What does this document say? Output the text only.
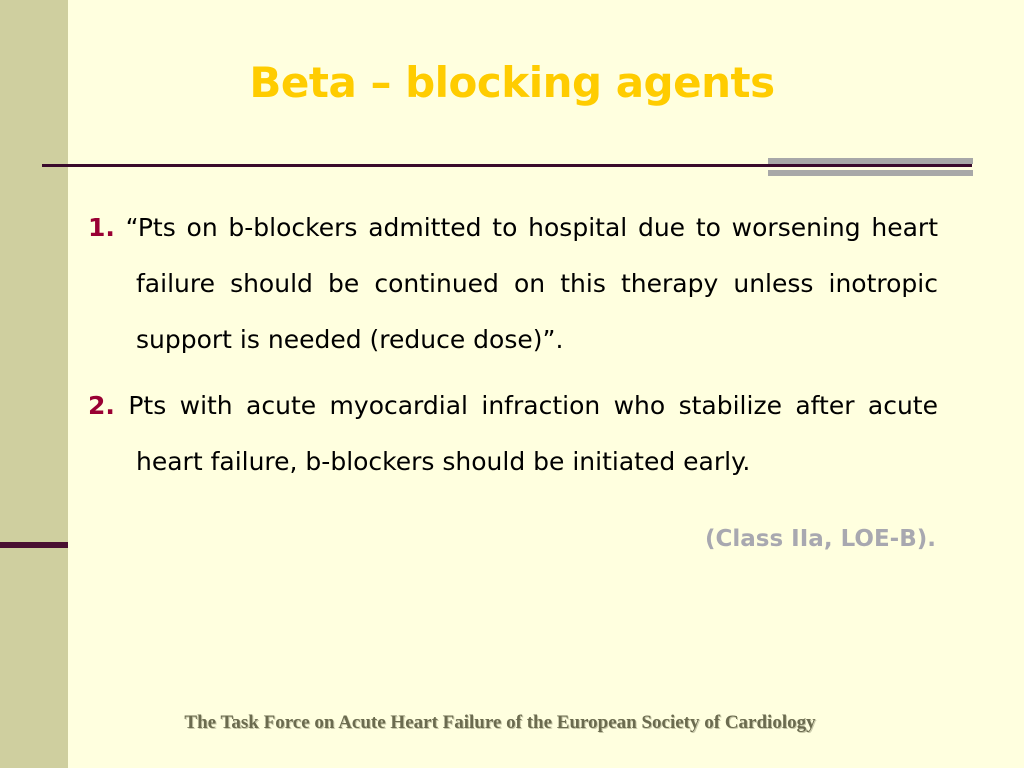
Beta – blocking agents
1. “Pts on b-blockers admitted to hospital due to worsening heart failure should be continued on this therapy unless inotropic support is needed (reduce dose)”.
2. Pts with acute myocardial infraction who stabilize after acute heart failure, b-blockers should be initiated early.
(Class IIa, LOE-B).
The Task Force on Acute Heart Failure of the European Society of Cardiology
